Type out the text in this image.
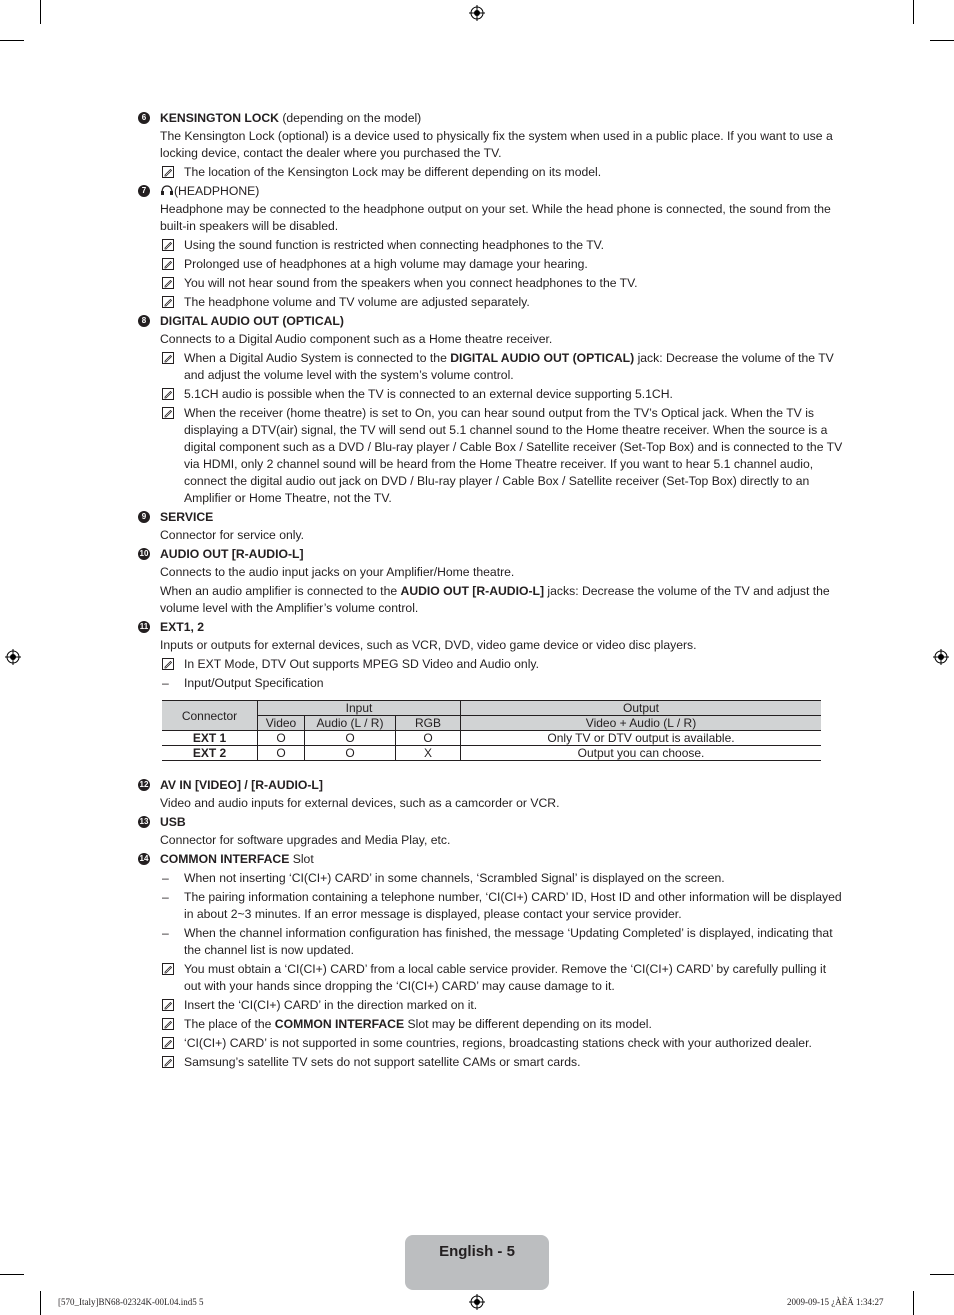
6	KENSINGTON LOCK (depending on the model)
The Kensington Lock (optional) is a device used to physically fix the system when used in a public place. If you want to use a locking device, contact the dealer where you purchased the TV.
The location of the Kensington Lock may be different depending on its model.
7	(HEADPHONE)
Headphone may be connected to the headphone output on your set. While the head phone is connected, the sound from the built-in speakers will be disabled.
Using the sound function is restricted when connecting headphones to the TV.
Prolonged use of headphones at a high volume may damage your hearing.
You will not hear sound from the speakers when you connect headphones to the TV.
The headphone volume and TV volume are adjusted separately.
8	DIGITAL AUDIO OUT (OPTICAL)
Connects to a Digital Audio component such as a Home theatre receiver.
When a Digital Audio System is connected to the DIGITAL AUDIO OUT (OPTICAL) jack: Decrease the volume of the TV and adjust the volume level with the system’s volume control.
5.1CH audio is possible when the TV is connected to an external device supporting 5.1CH.
When the receiver (home theatre) is set to On, you can hear sound output from the TV’s Optical jack. When the TV is displaying a DTV(air) signal, the TV will send out 5.1 channel sound to the Home theatre receiver. When the source is a digital component such as a DVD / Blu-ray player / Cable Box / Satellite receiver (Set-Top Box) and is connected to the TV via HDMI, only 2 channel sound will be heard from the Home Theatre receiver. If you want to hear 5.1 channel audio, connect the digital audio out jack on DVD / Blu-ray player / Cable Box / Satellite receiver (Set-Top Box) directly to an Amplifier or Home Theatre, not the TV.
9	SERVICE
Connector for service only.
10 AUDIO OUT [R-AUDIO-L]
Connects to the audio input jacks on your Amplifier/Home theatre.
When an audio amplifier is connected to the AUDIO OUT [R-AUDIO-L] jacks: Decrease the volume of the TV and adjust the volume level with the Amplifier’s volume control.
11 EXT1, 2
Inputs or outputs for external devices, such as VCR, DVD, video game device or video disc players.
In EXT Mode, DTV Out supports MPEG SD Video and Audio only.
– Input/Output Specification
Connector	Input			Output
	Video	Audio (L / R)	RGB	Video + Audio (L / R)
EXT 1	O	O	O	Only TV or DTV output is available.
EXT 2	O	O	X	Output you can choose.
12 AV IN [VIDEO] / [R-AUDIO-L]
Video and audio inputs for external devices, such as a camcorder or VCR.
13 USB
Connector for software upgrades and Media Play, etc.
14 COMMON INTERFACE Slot
– When not inserting ‘CI(CI+) CARD’ in some channels, ‘Scrambled Signal’ is displayed on the screen.
– The pairing information containing a telephone number, ‘CI(CI+) CARD’ ID, Host ID and other information will be displayed in about 2~3 minutes. If an error message is displayed, please contact your service provider.
– When the channel information configuration has finished, the message ‘Updating Completed’ is displayed, indicating that the channel list is now updated.
You must obtain a ‘CI(CI+) CARD’ from a local cable service provider. Remove the ‘CI(CI+) CARD’ by carefully pulling it out with your hands since dropping the ‘CI(CI+) CARD’ may cause damage to it.
Insert the ‘CI(CI+) CARD’ in the direction marked on it.
The place of the COMMON INTERFACE Slot may be different depending on its model.
‘CI(CI+) CARD’ is not supported in some countries, regions, broadcasting stations check with your authorized dealer.
Samsung’s satellite TV sets do not support satellite CAMs or smart cards.
English - 5
[570_Italy]BN68-02324K-00L04.ind5 5	2009-09-15 ¿ÀÈÄ 1:34:27
